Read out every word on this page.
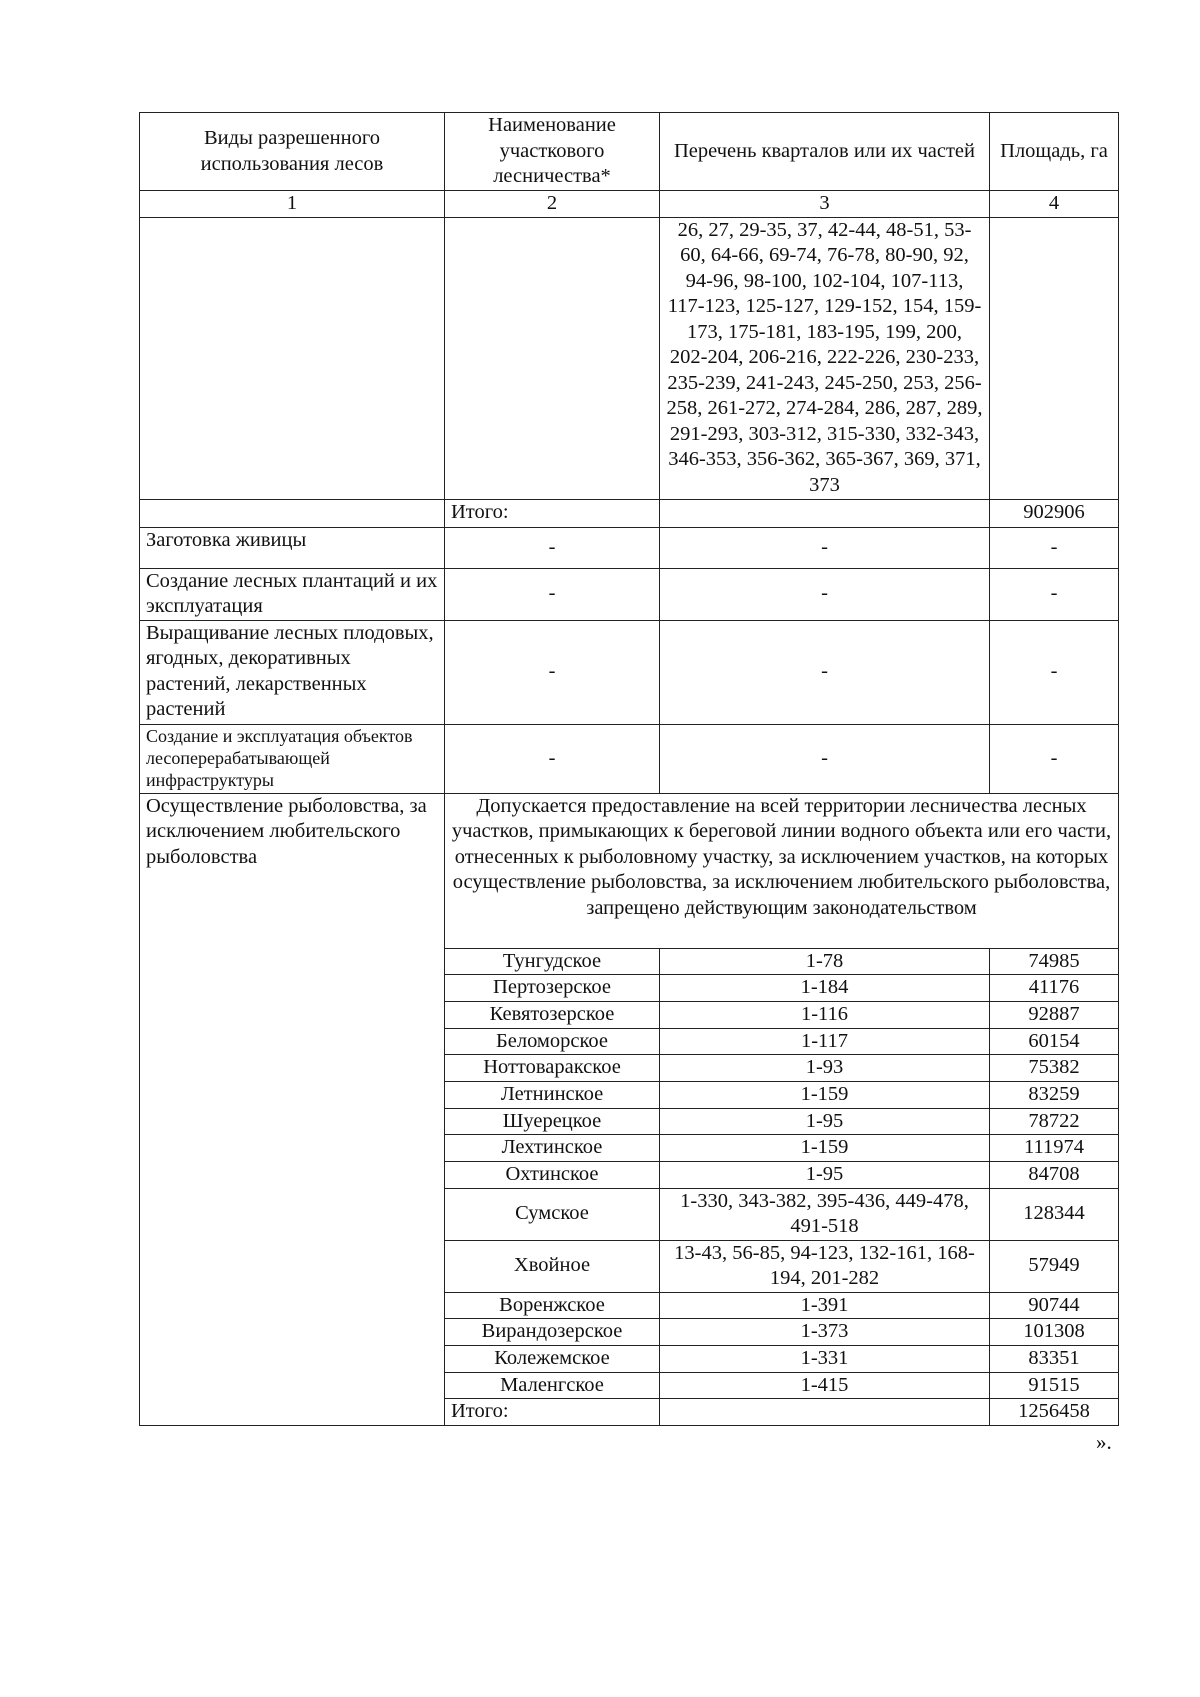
Виды разрешенного использования лесов	Наименование участкового лесничества*	Перечень кварталов или их частей	Площадь, га
1	2	3	4
		26, 27, 29-35, 37, 42-44, 48-51, 53-60, 64-66, 69-74, 76-78, 80-90, 92, 94-96, 98-100, 102-104, 107-113, 117-123, 125-127, 129-152, 154, 159-173, 175-181, 183-195, 199, 200, 202-204, 206-216, 222-226, 230-233, 235-239, 241-243, 245-250, 253, 256-258, 261-272, 274-284, 286, 287, 289, 291-293, 303-312, 315-330, 332-343, 346-353, 356-362, 365-367, 369, 371, 373	
	Итого:		902906
Заготовка живицы	-	-	-
Создание лесных плантаций и их эксплуатация	-	-	-
Выращивание лесных плодовых, ягодных, декоративных растений, лекарственных растений	-	-	-
Создание и эксплуатация объектов лесоперерабатывающей инфраструктуры	-	-	-
Осуществление рыболовства, за исключением любительского рыболовства	Допускается предоставление на всей территории лесничества лесных участков, примыкающих к береговой линии водного объекта или его части, отнесенных к рыболовному участку, за исключением участков, на которых осуществление рыболовства, за исключением любительского рыболовства, запрещено действующим законодательством		
	Тунгудское	1-78	74985
	Пертозерское	1-184	41176
	Кевятозерское	1-116	92887
	Беломорское	1-117	60154
	Ноттоваракское	1-93	75382
	Летнинское	1-159	83259
	Шуерецкое	1-95	78722
	Лехтинское	1-159	111974
	Охтинское	1-95	84708
	Сумское	1-330, 343-382, 395-436, 449-478, 491-518	128344
	Хвойное	13-43, 56-85, 94-123, 132-161, 168-194, 201-282	57949
	Воренжское	1-391	90744
	Вирандозерское	1-373	101308
	Колежемское	1-331	83351
	Маленгское	1-415	91515
	Итого:		1256458
».
